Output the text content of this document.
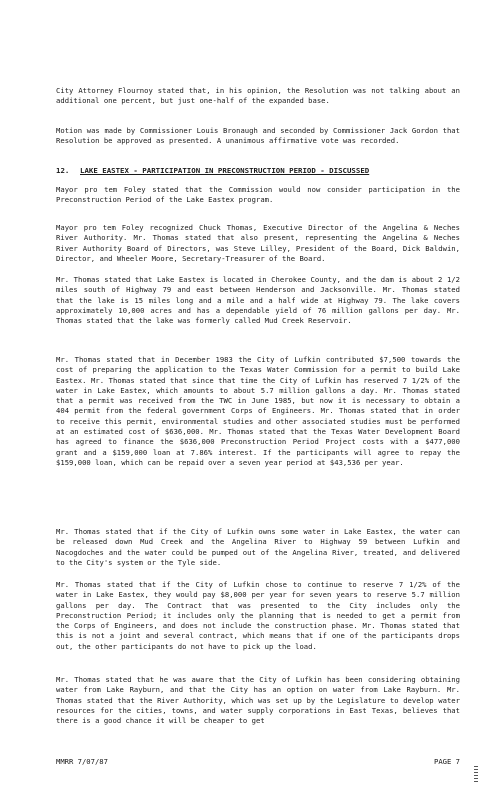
City Attorney Flournoy stated that, in his opinion, the Resolution was not talking about an additional one percent, but just one-half of the expanded base.
Motion was made by Commissioner Louis Bronaugh and seconded by Commissioner Jack Gordon that Resolution be approved as presented. A unanimous affirmative vote was recorded.
12. LAKE EASTEX - PARTICIPATION IN PRECONSTRUCTION PERIOD - DISCUSSED
Mayor pro tem Foley stated that the Commission would now consider participation in the Preconstruction Period of the Lake Eastex program.
Mayor pro tem Foley recognized Chuck Thomas, Executive Director of the Angelina & Neches River Authority. Mr. Thomas stated that also present, representing the Angelina & Neches River Authority Board of Directors, was Steve Lilley, President of the Board, Dick Baldwin, Director, and Wheeler Moore, Secretary-Treasurer of the Board.
Mr. Thomas stated that Lake Eastex is located in Cherokee County, and the dam is about 2 1/2 miles south of Highway 79 and east between Henderson and Jacksonville. Mr. Thomas stated that the lake is 15 miles long and a mile and a half wide at Highway 79. The lake covers approximately 10,000 acres and has a dependable yield of 76 million gallons per day. Mr. Thomas stated that the lake was formerly called Mud Creek Reservoir.
Mr. Thomas stated that in December 1983 the City of Lufkin contributed $7,500 towards the cost of preparing the application to the Texas Water Commission for a permit to build Lake Eastex. Mr. Thomas stated that since that time the City of Lufkin has reserved 7 1/2% of the water in Lake Eastex, which amounts to about 5.7 million gallons a day. Mr. Thomas stated that a permit was received from the TWC in June 1985, but now it is necessary to obtain a 404 permit from the federal government Corps of Engineers. Mr. Thomas stated that in order to receive this permit, environmental studies and other associated studies must be performed at an estimated cost of $636,000. Mr. Thomas stated that the Texas Water Development Board has agreed to finance the $636,000 Preconstruction Period Project costs with a $477,000 grant and a $159,000 loan at 7.86% interest. If the participants will agree to repay the $159,000 loan, which can be repaid over a seven year period at $43,536 per year.
Mr. Thomas stated that if the City of Lufkin owns some water in Lake Eastex, the water can be released down Mud Creek and the Angelina River to Highway 59 between Lufkin and Nacogdoches and the water could be pumped out of the Angelina River, treated, and delivered to the City's system or the Tyle side.
Mr. Thomas stated that if the City of Lufkin chose to continue to reserve 7 1/2% of the water in Lake Eastex, they would pay $8,000 per year for seven years to reserve 5.7 million gallons per day. The Contract that was presented to the City includes only the Preconstruction Period; it includes only the planning that is needed to get a permit from the Corps of Engineers, and does not include the construction phase. Mr. Thomas stated that this is not a joint and several contract, which means that if one of the participants drops out, the other participants do not have to pick up the load.
Mr. Thomas stated that he was aware that the City of Lufkin has been considering obtaining water from Lake Rayburn, and that the City has an option on water from Lake Rayburn. Mr. Thomas stated that the River Authority, which was set up by the Legislature to develop water resources for the cities, towns, and water supply corporations in East Texas, believes that there is a good chance it will be cheaper to get
MMRR 7/07/87	PAGE 7
